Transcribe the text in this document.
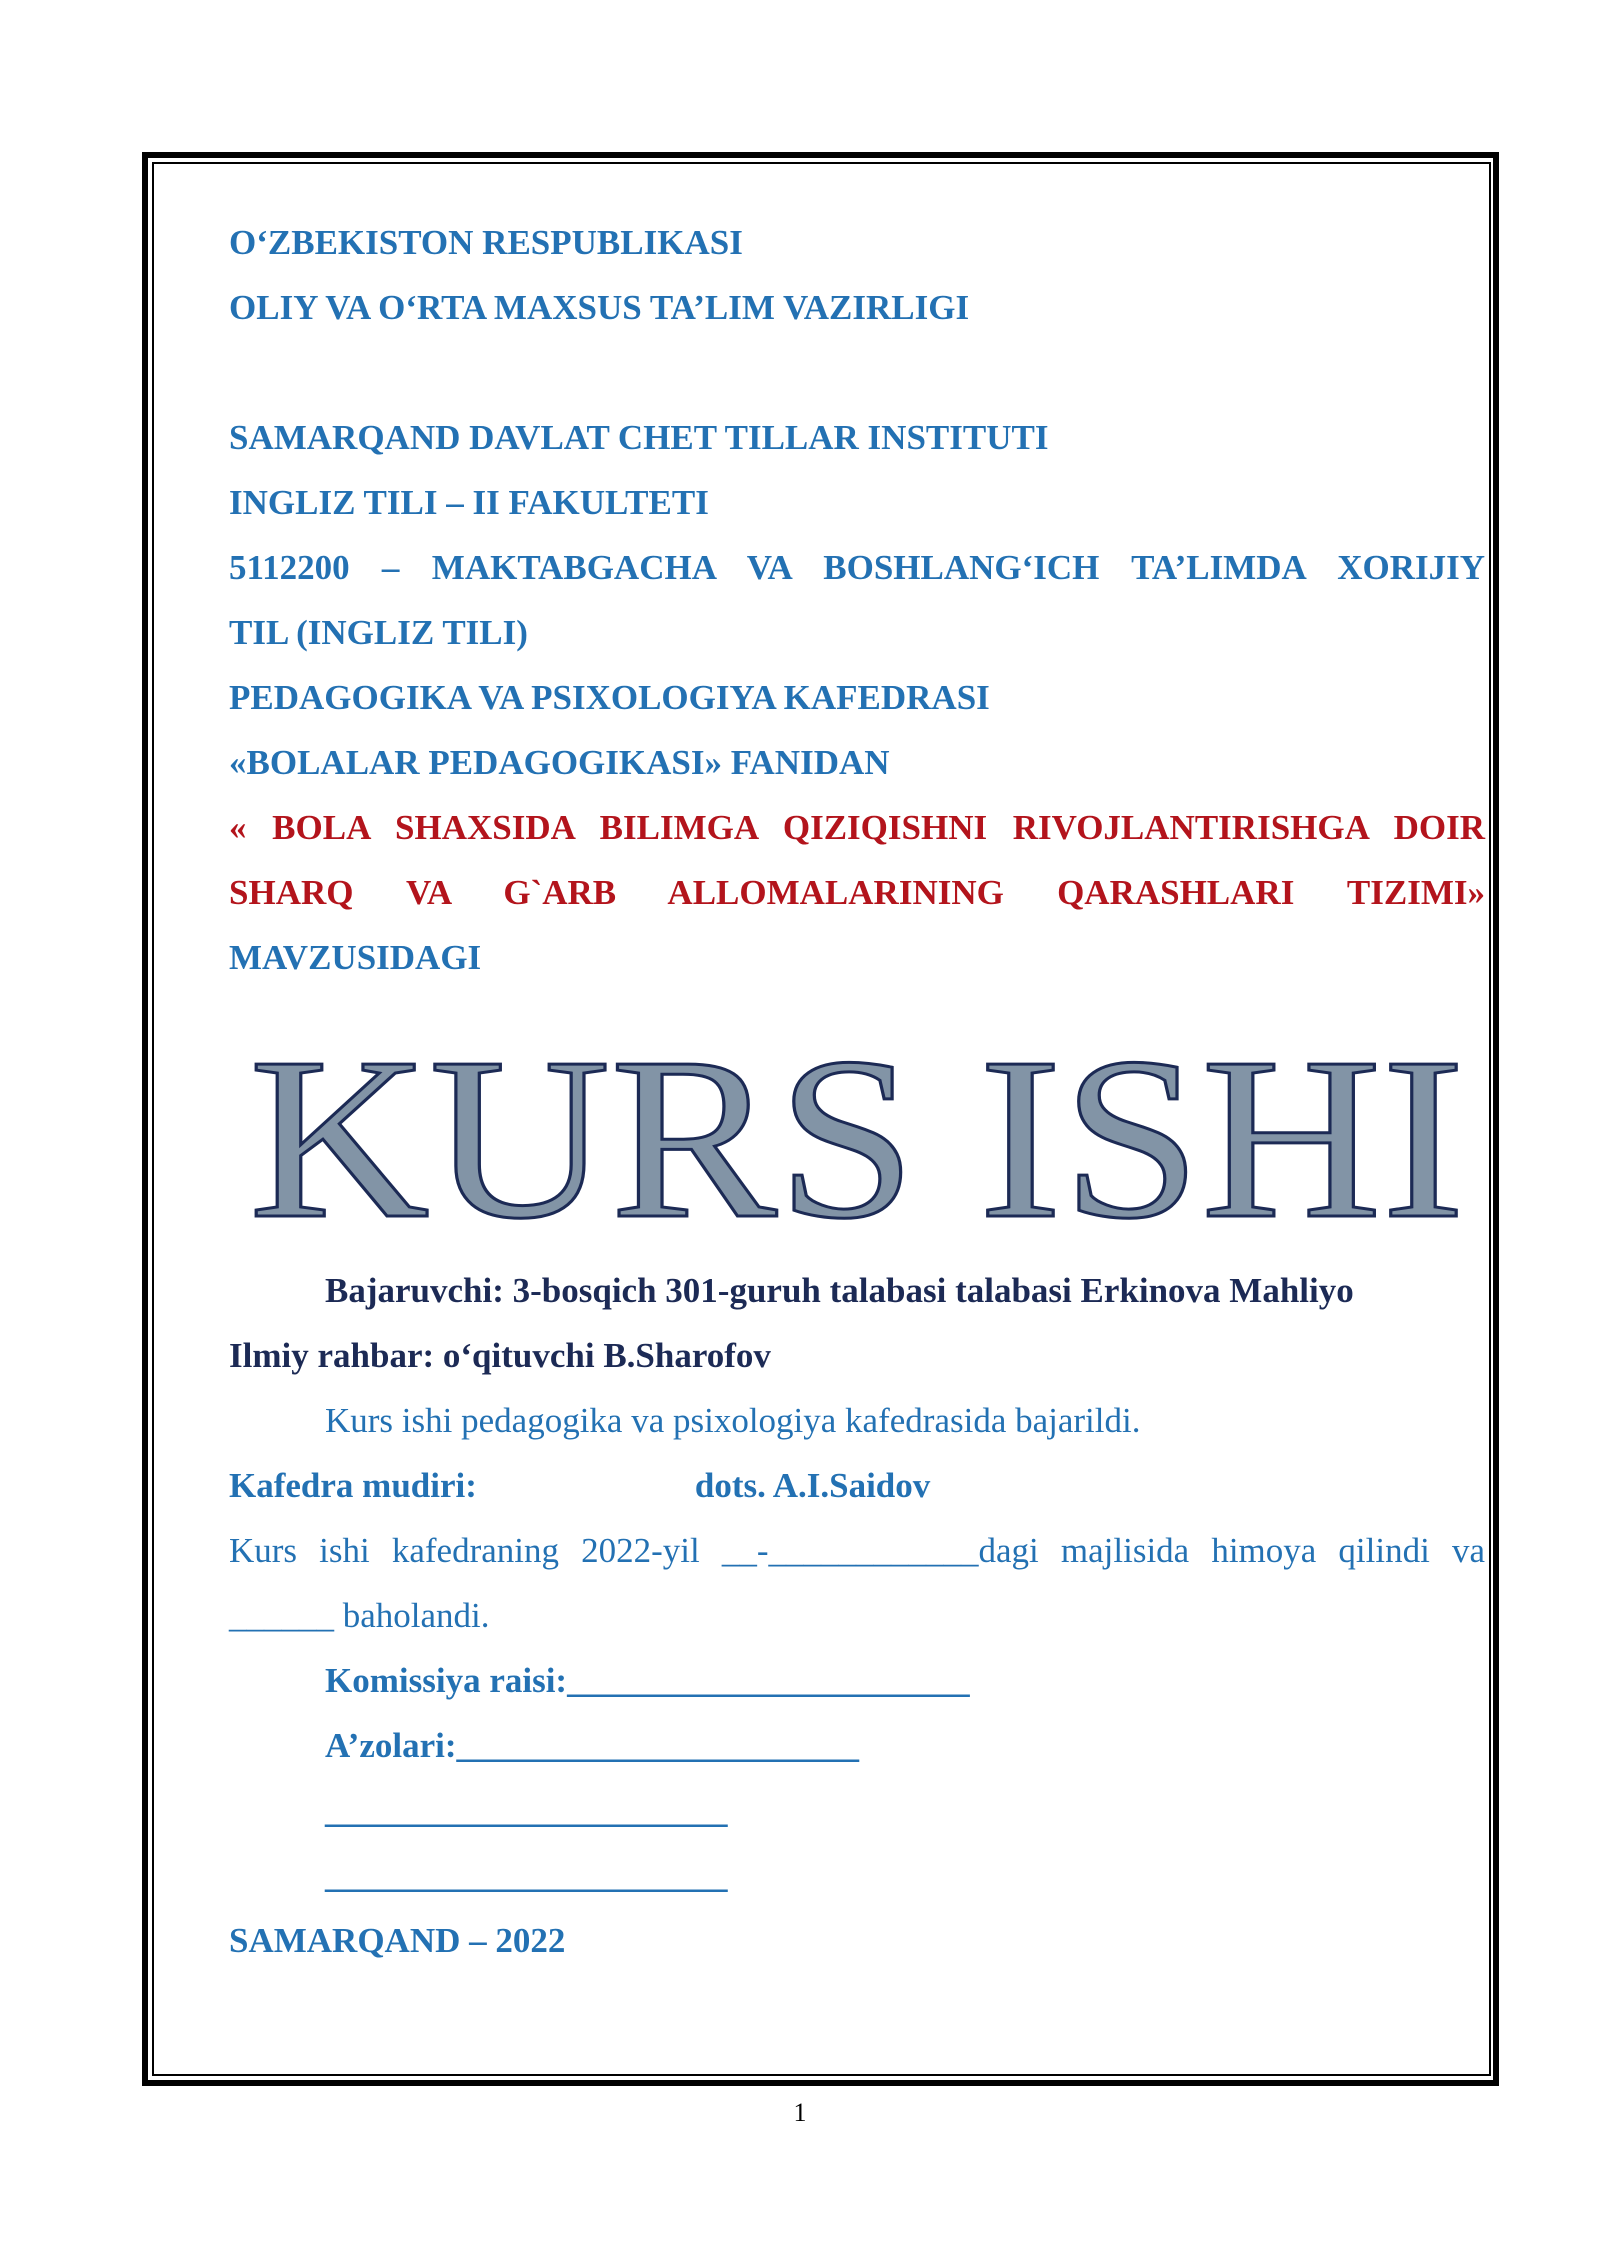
O‘ZBEKISTON RESPUBLIKASI
OLIY VA O‘RTA MAXSUS TA’LIM VAZIRLIGI
SAMARQAND DAVLAT CHET TILLAR INSTITUTI
INGLIZ TILI – II FAKULTETI
5112200 – MAKTABGACHA VA BOSHLANG‘ICH TA’LIMDA XORIJIY
TIL (INGLIZ TILI)
PEDAGOGIKA VA PSIXOLOGIYA KAFEDRASI
«BOLALAR PEDAGOGIKASI» FANIDAN
« BOLA SHAXSIDA BILIMGA QIZIQISHNI RIVOJLANTIRISHGA DOIR
SHARQ VA G`ARB ALLOMALARINING QARASHLARI TIZIMI»
MAVZUSIDAGI
KURS ISHI
Bajaruvchi: 3-bosqich 301-guruh talabasi talabasi Erkinova Mahliyo
Ilmiy rahbar: o‘qituvchi B.Sharofov
Kurs ishi pedagogika va psixologiya kafedrasida bajarildi.
Kafedra mudiri:	dots. A.I.Saidov
Kurs ishi kafedraning 2022-yil __-____________dagi majlisida himoya qilindi va
______ baholandi.
Komissiya raisi:_______________________
A’zolari:_______________________
_______________________
_______________________
SAMARQAND – 2022
1
